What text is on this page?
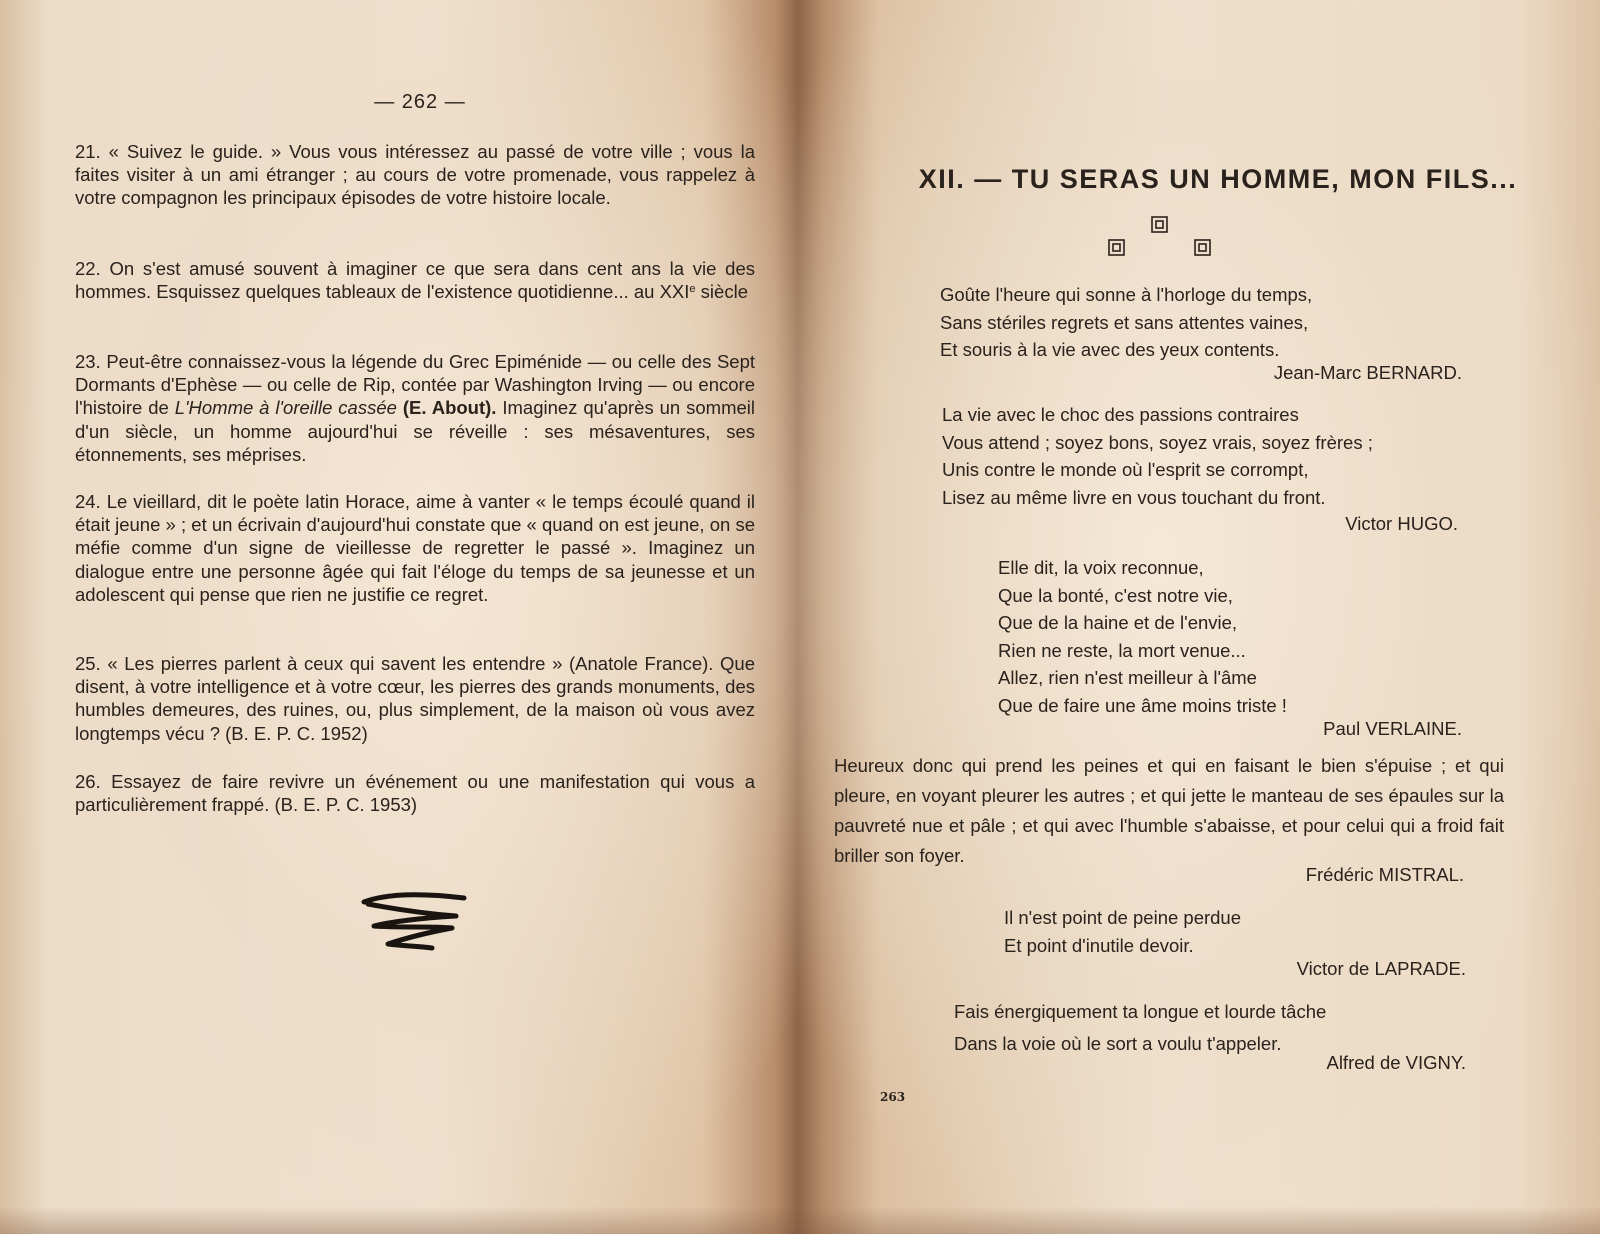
— 262 —
21. « Suivez le guide. » Vous vous intéressez au passé de votre ville ; vous la faites visiter à un ami étranger ; au cours de votre promenade, vous rappelez à votre compagnon les principaux épisodes de votre histoire locale.
22. On s'est amusé souvent à imaginer ce que sera dans cent ans la vie des hommes. Esquissez quelques tableaux de l'existence quotidienne... au XXIe siècle
23. Peut-être connaissez-vous la légende du Grec Epiménide — ou celle des Sept Dormants d'Ephèse — ou celle de Rip, contée par Washington Irving — ou encore l'histoire de L'Homme à l'oreille cassée (E. About). Imaginez qu'après un sommeil d'un siècle, un homme aujourd'hui se réveille : ses mésaventures, ses étonnements, ses méprises.
24. Le vieillard, dit le poète latin Horace, aime à vanter « le temps écoulé quand il était jeune » ; et un écrivain d'aujourd'hui constate que « quand on est jeune, on se méfie comme d'un signe de vieillesse de regretter le passé ». Imaginez un dialogue entre une personne âgée qui fait l'éloge du temps de sa jeunesse et un adolescent qui pense que rien ne justifie ce regret.
25. « Les pierres parlent à ceux qui savent les entendre » (Anatole France). Que disent, à votre intelligence et à votre cœur, les pierres des grands monuments, des humbles demeures, des ruines, ou, plus simplement, de la maison où vous avez longtemps vécu ? (B. E. P. C. 1952)
26. Essayez de faire revivre un événement ou une manifestation qui vous a particulièrement frappé. (B. E. P. C. 1953)
XII. — TU SERAS UN HOMME, MON FILS...
Goûte l'heure qui sonne à l'horloge du temps,
Sans stériles regrets et sans attentes vaines,
Et souris à la vie avec des yeux contents.
Jean-Marc BERNARD.
La vie avec le choc des passions contraires
Vous attend ; soyez bons, soyez vrais, soyez frères ;
Unis contre le monde où l'esprit se corrompt,
Lisez au même livre en vous touchant du front.
Victor HUGO.
Elle dit, la voix reconnue,
Que la bonté, c'est notre vie,
Que de la haine et de l'envie,
Rien ne reste, la mort venue...
Allez, rien n'est meilleur à l'âme
Que de faire une âme moins triste !
Paul VERLAINE.
Heureux donc qui prend les peines et qui en faisant le bien s'épuise ; et qui pleure, en voyant pleurer les autres ; et qui jette le manteau de ses épaules sur la pauvreté nue et pâle ; et qui avec l'humble s'abaisse, et pour celui qui a froid fait briller son foyer.
Frédéric MISTRAL.
Il n'est point de peine perdue
Et point d'inutile devoir.
Victor de LAPRADE.
Fais énergiquement ta longue et lourde tâche
Dans la voie où le sort a voulu t'appeler.
Alfred de VIGNY.
263
